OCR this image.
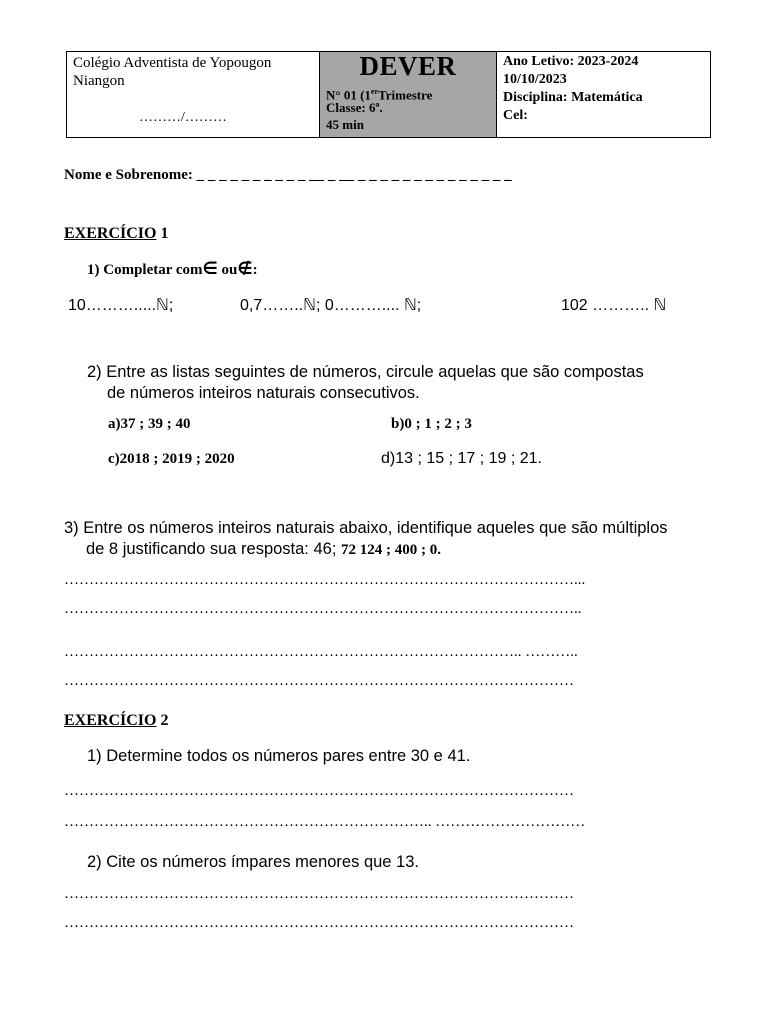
Colégio Adventista de Yopougon
Niangon
………/………
DEVER
N° 01 (1erTrimestre
Classe: 6ª.
45 min
Ano Letivo: 2023-2024
10/10/2023
Disciplina: Matemática
Cel:
Nome e Sobrenome: _ _ _ _ _ _ _ _ _ _ __ _ __ _ _ _ _ _ _ _ _ _ _ _ _ _ _
EXERCÍCIO 1
1) Completar com∈ ou∉:
10……….....ℕ;	0,7……..ℕ; 0……….... ℕ;	102 ……….. ℕ
2) Entre as listas seguintes de números, circule aquelas que são compostas
de números inteiros naturais consecutivos.
a)37 ; 39 ; 40	b)0 ; 1 ; 2 ; 3
c)2018 ; 2019 ; 2020	d)13 ; 15 ; 17 ; 19 ; 21.
3) Entre os números inteiros naturais abaixo, identifique aqueles que são múltiplos
de 8 justificando sua resposta: 46; 72 124 ; 400 ; 0.
…………………………………………………………………………………………...
…………………………………………………………………………………………..
……………………………………………………………………………….. ………..
…………………………………………………………………………………………
EXERCÍCIO 2
1) Determine todos os números pares entre 30 e 41.
…………………………………………………………………………………………
……………………………………………………………….. …………………………
2) Cite os números ímpares menores que 13.
…………………………………………………………………………………………
…………………………………………………………………………………………
